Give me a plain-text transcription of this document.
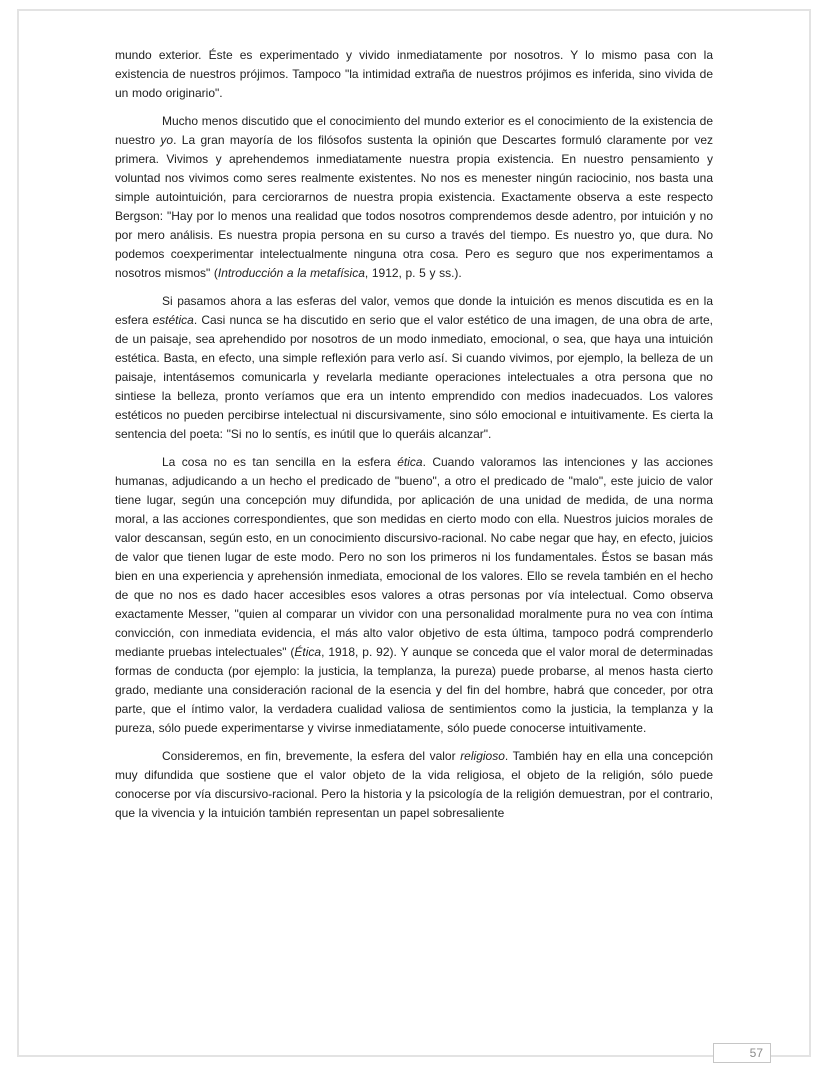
mundo exterior. Éste es experimentado y vivido inmediatamente por nosotros. Y lo mismo pasa con la existencia de nuestros prójimos. Tampoco "la intimidad extraña de nuestros prójimos es inferida, sino vivida de un modo originario".

Mucho menos discutido que el conocimiento del mundo exterior es el conocimiento de la existencia de nuestro yo. La gran mayoría de los filósofos sustenta la opinión que Descartes formuló claramente por vez primera. Vivimos y aprehendemos inmediatamente nuestra propia existencia. En nuestro pensamiento y voluntad nos vivimos como seres realmente existentes. No nos es menester ningún raciocinio, nos basta una simple autointuición, para cerciorarnos de nuestra propia existencia. Exactamente observa a este respecto Bergson: "Hay por lo menos una realidad que todos nosotros comprendemos desde adentro, por intuición y no por mero análisis. Es nuestra propia persona en su curso a través del tiempo. Es nuestro yo, que dura. No podemos coexperimentar intelectualmente ninguna otra cosa. Pero es seguro que nos experimentamos a nosotros mismos" (Introducción a la metafísica, 1912, p. 5 y ss.).

Si pasamos ahora a las esferas del valor, vemos que donde la intuición es menos discutida es en la esfera estética. Casi nunca se ha discutido en serio que el valor estético de una imagen, de una obra de arte, de un paisaje, sea aprehendido por nosotros de un modo inmediato, emocional, o sea, que haya una intuición estética. Basta, en efecto, una simple reflexión para verlo así. Si cuando vivimos, por ejemplo, la belleza de un paisaje, intentásemos comunicarla y revelarla mediante operaciones intelectuales a otra persona que no sintiese la belleza, pronto veríamos que era un intento emprendido con medios inadecuados. Los valores estéticos no pueden percibirse intelectual ni discursivamente, sino sólo emocional e intuitivamente. Es cierta la sentencia del poeta: "Si no lo sentís, es inútil que lo queráis alcanzar".

La cosa no es tan sencilla en la esfera ética. Cuando valoramos las intenciones y las acciones humanas, adjudicando a un hecho el predicado de "bueno", a otro el predicado de "malo", este juicio de valor tiene lugar, según una concepción muy difundida, por aplicación de una unidad de medida, de una norma moral, a las acciones correspondientes, que son medidas en cierto modo con ella. Nuestros juicios morales de valor descansan, según esto, en un conocimiento discursivo-racional. No cabe negar que hay, en efecto, juicios de valor que tienen lugar de este modo. Pero no son los primeros ni los fundamentales. Éstos se basan más bien en una experiencia y aprehensión inmediata, emocional de los valores. Ello se revela también en el hecho de que no nos es dado hacer accesibles esos valores a otras personas por vía intelectual. Como observa exactamente Messer, "quien al comparar un vividor con una personalidad moralmente pura no vea con íntima convicción, con inmediata evidencia, el más alto valor objetivo de esta última, tampoco podrá comprenderlo mediante pruebas intelectuales" (Ética, 1918, p. 92). Y aunque se conceda que el valor moral de determinadas formas de conducta (por ejemplo: la justicia, la templanza, la pureza) puede probarse, al menos hasta cierto grado, mediante una consideración racional de la esencia y del fin del hombre, habrá que conceder, por otra parte, que el íntimo valor, la verdadera cualidad valiosa de sentimientos como la justicia, la templanza y la pureza, sólo puede experimentarse y vivirse inmediatamente, sólo puede conocerse intuitivamente.

Consideremos, en fin, brevemente, la esfera del valor religioso. También hay en ella una concepción muy difundida que sostiene que el valor objeto de la vida religiosa, el objeto de la religión, sólo puede conocerse por vía discursivo-racional. Pero la historia y la psicología de la religión demuestran, por el contrario, que la vivencia y la intuición también representan un papel sobresaliente

57
